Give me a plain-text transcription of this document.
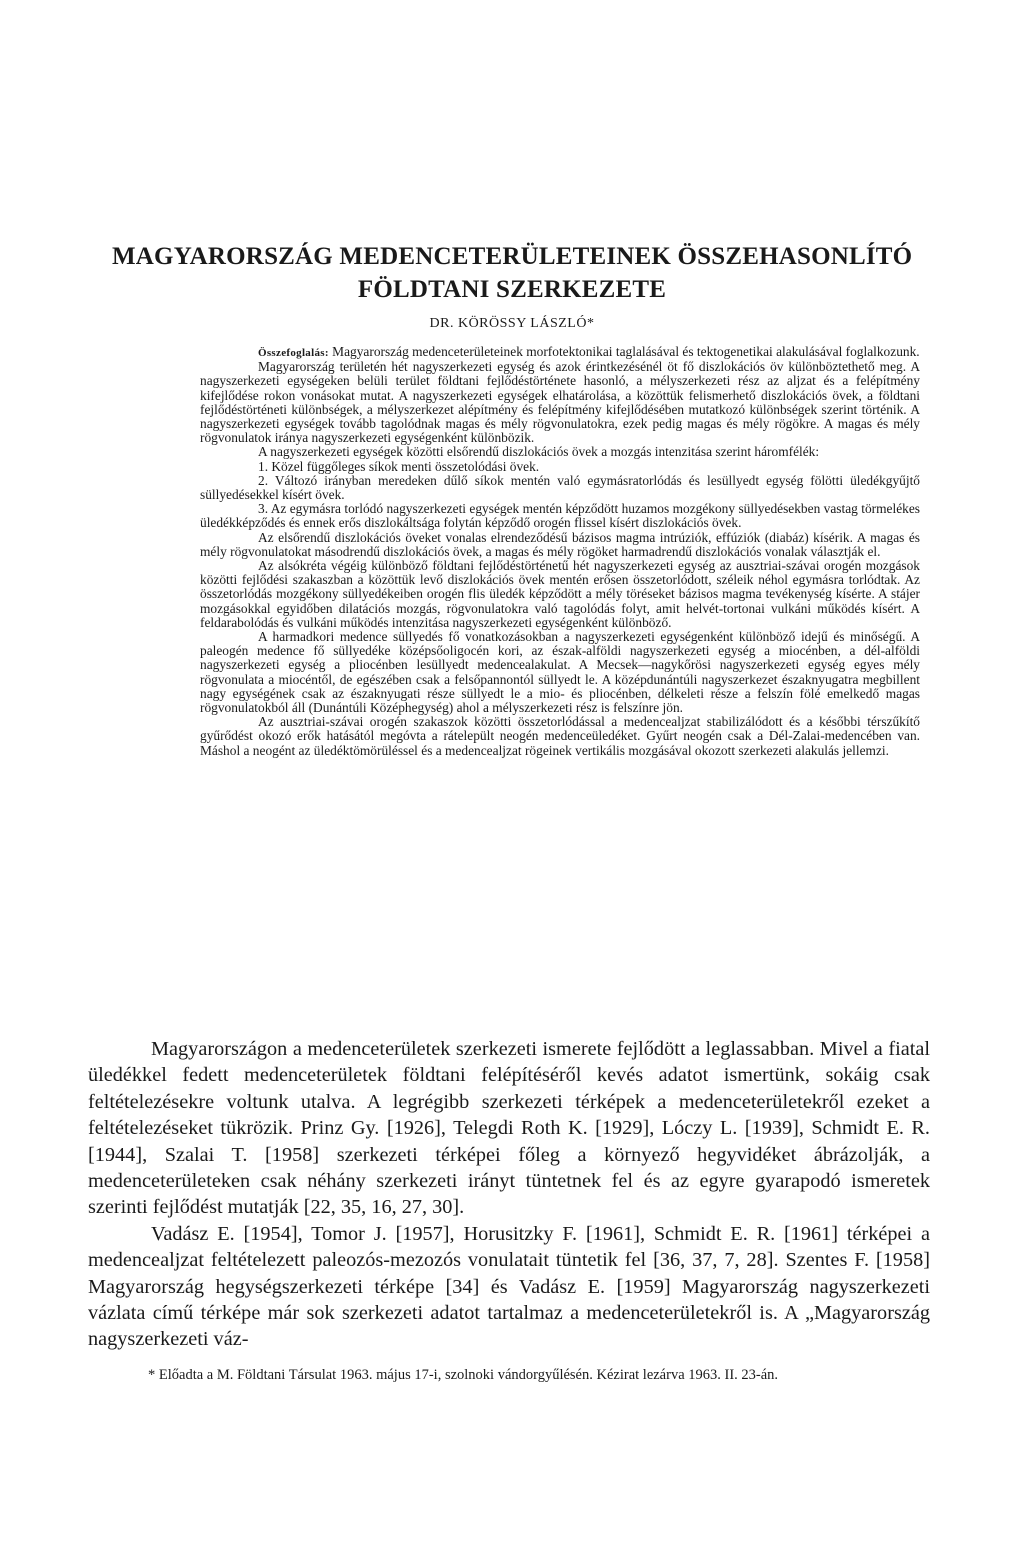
MAGYARORSZÁG MEDENCETERÜLETEINEK ÖSSZEHASONLÍTÓ
FÖLDTANI SZERKEZETE
DR. KÖRÖSSY LÁSZLÓ*

Összefoglalás: Magyarország medenceterületeinek morfotektonikai taglalásával és tektogenetikai alakulásával foglalkozunk.

Magyarország területén hét nagyszerkezeti egység és azok érintkezésénél öt fő diszlokációs öv különböztethető meg. A nagyszerkezeti egységeken belüli terület földtani fejlődéstörténete hasonló, a mélyszerkezeti rész az aljzat és a felépítmény kifejlődése rokon vonásokat mutat. A nagyszerkezeti egységek elhatárolása, a közöttük felismerhető diszlokációs övek, a földtani fejlődéstörténeti különbségek, a mélyszerkezet alépítmény és felépítmény kifejlődésében mutatkozó különbségek szerint történik. A nagyszerkezeti egységek tovább tagolódnak magas és mély rögvonulatokra, ezek pedig magas és mély rögökre. A magas és mély rögvonulatok iránya nagyszerkezeti egységenként különbözik.

A nagyszerkezeti egységek közötti elsőrendű diszlokációs övek a mozgás intenzitása szerint háromfélék:

1. Közel függőleges síkok menti összetolódási övek.

2. Változó irányban meredeken dűlő síkok mentén való egymásratorlódás és lesüllyedt egység fölötti üledékgyűjtő süllyedésekkel kísért övek.

3. Az egymásra torlódó nagyszerkezeti egységek mentén képződött huzamos mozgékony süllyedésekben vastag törmelékes üledékképződés és ennek erős diszlokáltsága folytán képződő orogén flissel kísért diszlokációs övek.

Az elsőrendű diszlokációs öveket vonalas elrendeződésű bázisos magma intrúziók, effúziók (diabáz) kísérik. A magas és mély rögvonulatokat másodrendű diszlokációs övek, a magas és mély rögöket harmadrendű diszlokációs vonalak választják el.

Az alsókréta végéig különböző földtani fejlődéstörténetű hét nagyszerkezeti egység az ausztriai-szávai orogén mozgások közötti fejlődési szakaszban a közöttük levő diszlokációs övek mentén erősen összetorlódott, széleik néhol egymásra torlódtak. Az összetorlódás mozgékony süllyedékeiben orogén flis üledék képződött a mély töréseket bázisos magma tevékenység kísérte. A stájer mozgásokkal egyidőben dilatációs mozgás, rögvonulatokra való tagolódás folyt, amit helvét-tortonai vulkáni működés kísért. A feldarabolódás és vulkáni működés intenzitása nagyszerkezeti egységenként különböző.

A harmadkori medence süllyedés fő vonatkozásokban a nagyszerkezeti egységenként különböző idejű és minőségű. A paleogén medence fő süllyedéke középsőoligocén kori, az észak-alföldi nagyszerkezeti egység a miocénben, a dél-alföldi nagyszerkezeti egység a pliocénben lesüllyedt medencealakulat. A Mecsek—nagykőrösi nagyszerkezeti egység egyes mély rögvonulata a miocéntől, de egészében csak a felsőpannontól süllyedt le. A középdunántúli nagyszerkezet északnyugatra megbillent nagy egységének csak az északnyugati része süllyedt le a mio- és pliocénben, délkeleti része a felszín fölé emelkedő magas rögvonulatokból áll (Dunántúli Középhegység) ahol a mélyszerkezeti rész is felszínre jön.

Az ausztriai-szávai orogén szakaszok közötti összetorlódással a medencealjzat stabilizálódott és a későbbi térszűkítő gyűrődést okozó erők hatásától megóvta a rátelepült neogén medenceüledéket. Gyűrt neogén csak a Dél-Zalai-medencében van. Máshol a neogént az üledéktömörüléssel és a medencealjzat rögeinek vertikális mozgásával okozott szerkezeti alakulás jellemzi.

Magyarországon a medenceterületek szerkezeti ismerete fejlődött a leglassabban. Mivel a fiatal üledékkel fedett medenceterületek földtani felépítéséről kevés adatot ismertünk, sokáig csak feltételezésekre voltunk utalva. A legrégibb szerkezeti térképek a medenceterületekről ezeket a feltételezéseket tükrözik. Prinz Gy. [1926], Telegdi Roth K. [1929], Lóczy L. [1939], Schmidt E. R. [1944], Szalai T. [1958] szerkezeti térképei főleg a környező hegyvidéket ábrázolják, a medenceterületeken csak néhány szerkezeti irányt tüntetnek fel és az egyre gyarapodó ismeretek szerinti fejlődést mutatják [22, 35, 16, 27, 30].

Vadász E. [1954], Tomor J. [1957], Horusitzky F. [1961], Schmidt E. R. [1961] térképei a medencealjzat feltételezett paleozós-mezozós vonulatait tüntetik fel [36, 37, 7, 28]. Szentes F. [1958] Magyarország hegységszerkezeti térképe [34] és Vadász E. [1959] Magyarország nagyszerkezeti vázlata című térképe már sok szerkezeti adatot tartalmaz a medenceterületekről is. A „Magyarország nagyszerkezeti váz-

* Előadta a M. Földtani Társulat 1963. május 17-i, szolnoki vándorgyűlésén. Kézirat lezárva 1963. II. 23-án.
